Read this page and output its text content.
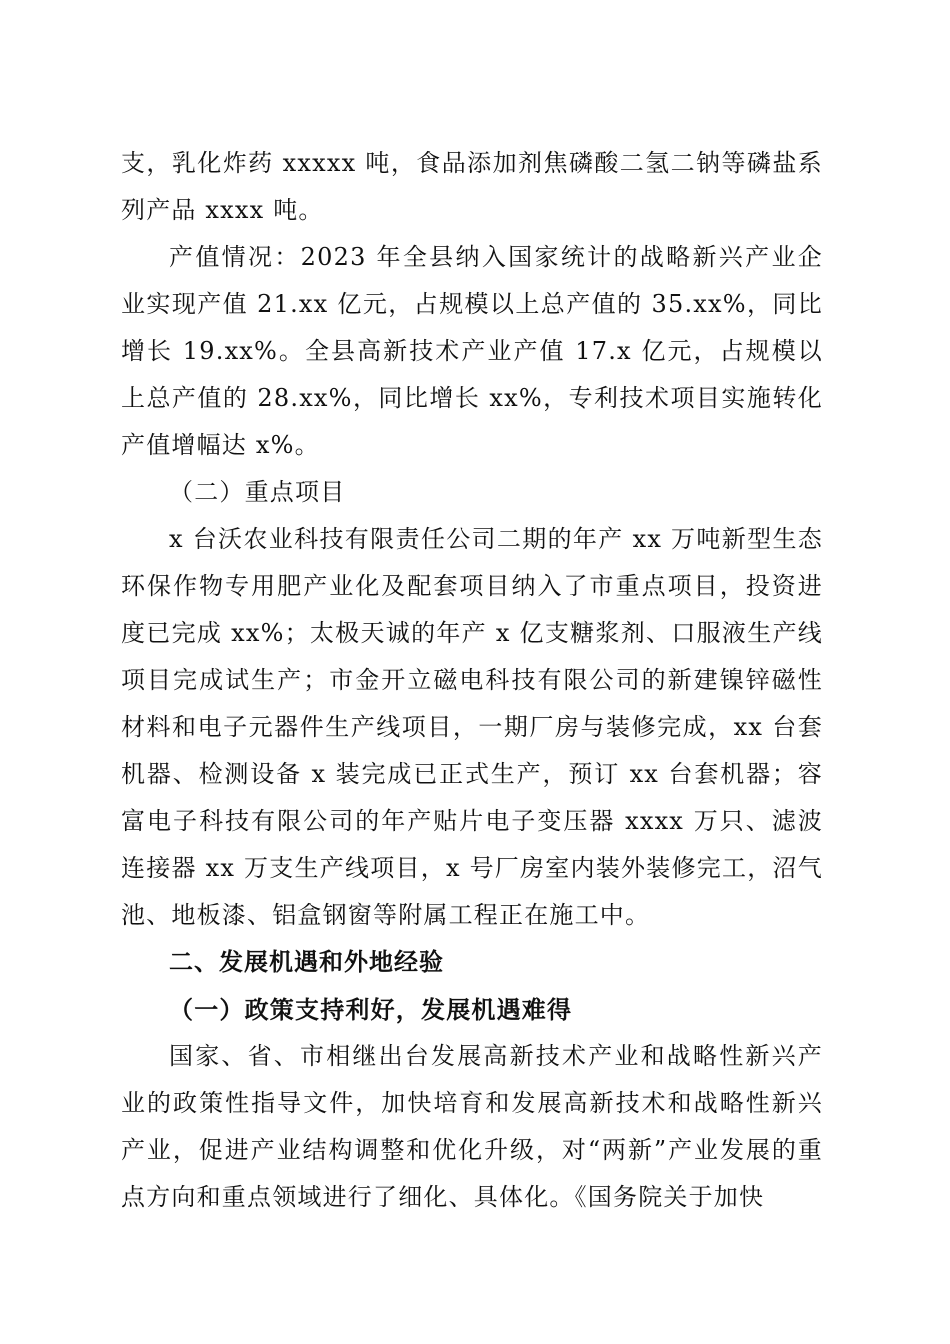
支，乳化炸药 xxxxx 吨，食品添加剂焦磷酸二氢二钠等磷盐系列产品 xxxx 吨。

产值情况：2023 年全县纳入国家统计的战略新兴产业企业实现产值 21.xx 亿元，占规模以上总产值的 35.xx%，同比增长 19.xx%。全县高新技术产业产值 17.x 亿元，占规模以上总产值的 28.xx%，同比增长 xx%，专利技术项目实施转化产值增幅达 x%。

（二）重点项目

x 台沃农业科技有限责任公司二期的年产 xx 万吨新型生态环保作物专用肥产业化及配套项目纳入了市重点项目，投资进度已完成 xx%；太极天诚的年产 x 亿支糖浆剂、口服液生产线项目完成试生产；市金开立磁电科技有限公司的新建镍锌磁性材料和电子元器件生产线项目，一期厂房与装修完成，xx 台套机器、检测设备 x 装完成已正式生产，预订 xx 台套机器；容富电子科技有限公司的年产贴片电子变压器 xxxx 万只、滤波连接器 xx 万支生产线项目，x 号厂房室内装外装修完工，沼气池、地板漆、铝盒钢窗等附属工程正在施工中。

二、发展机遇和外地经验

（一）政策支持利好，发展机遇难得

国家、省、市相继出台发展高新技术产业和战略性新兴产业的政策性指导文件，加快培育和发展高新技术和战略性新兴产业，促进产业结构调整和优化升级，对“两新”产业发展的重点方向和重点领域进行了细化、具体化。《国务院关于加快
